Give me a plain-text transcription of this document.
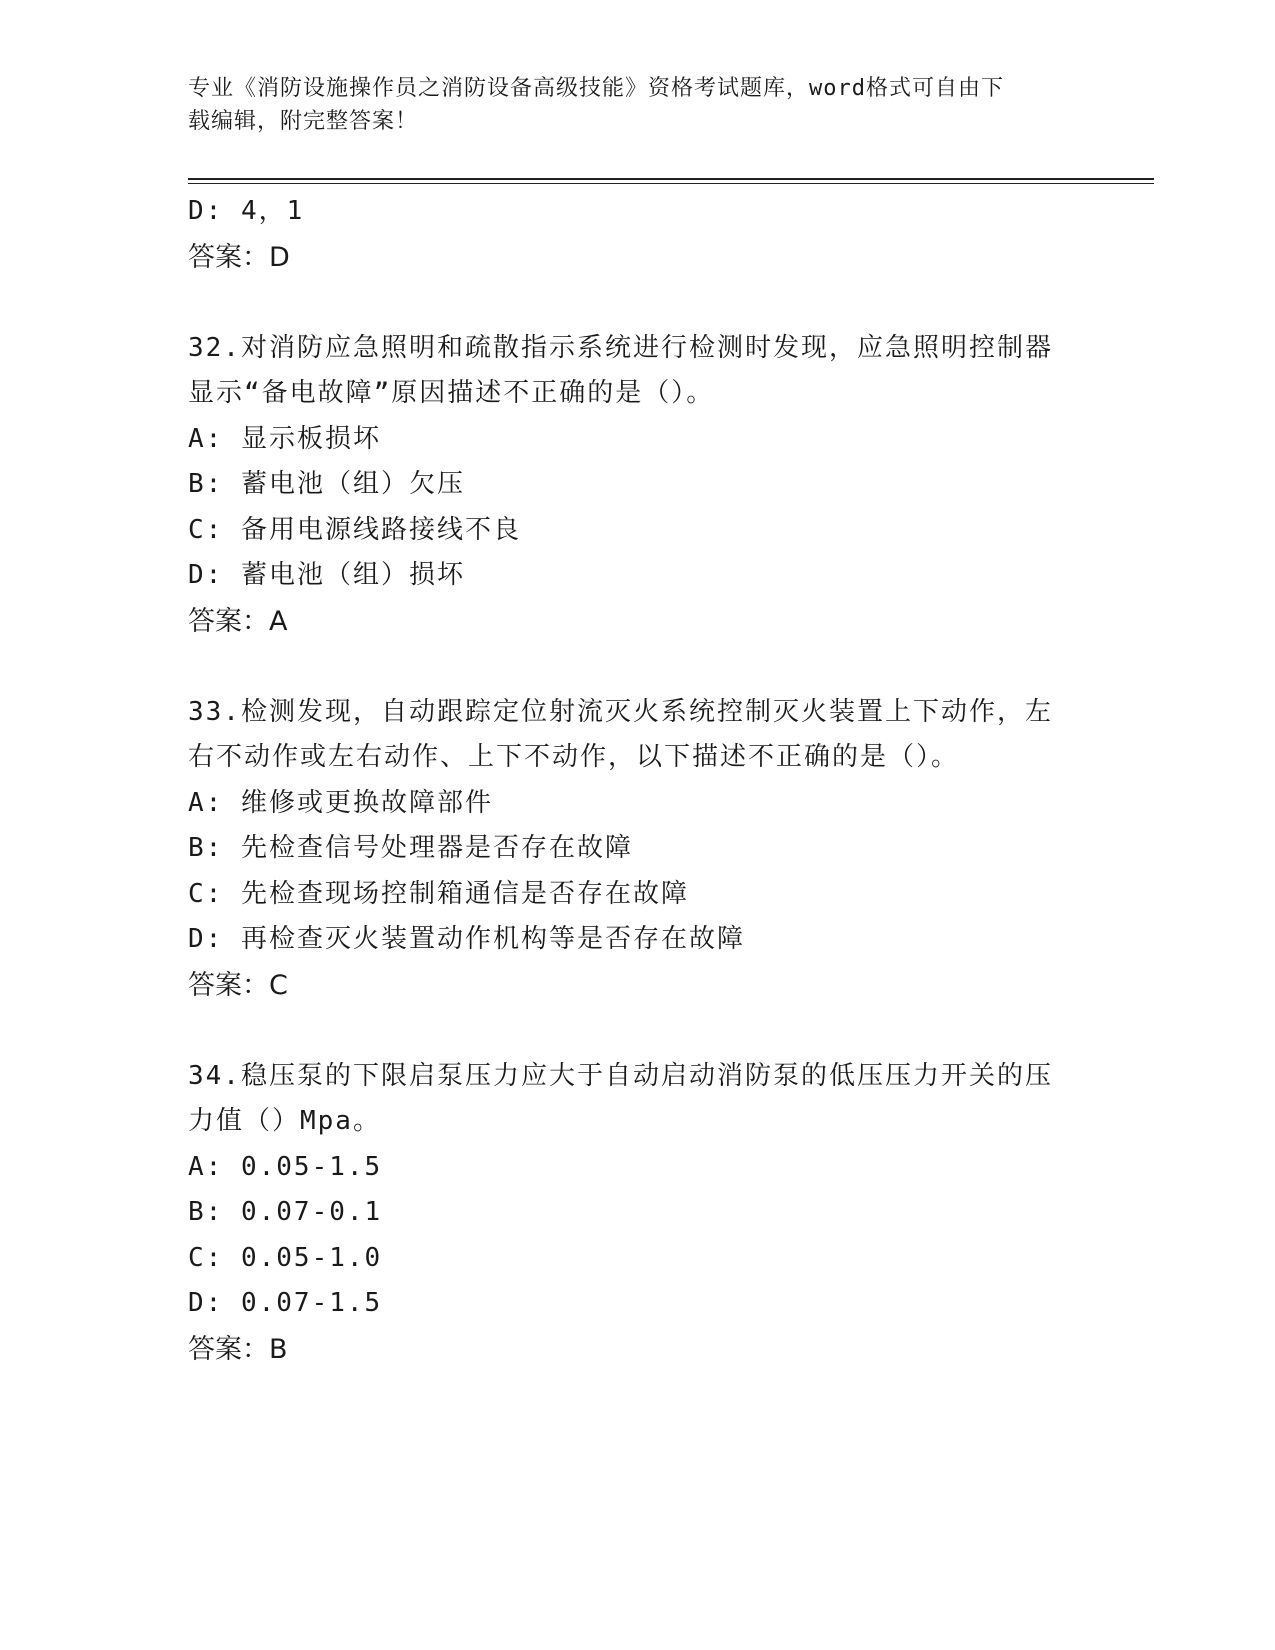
专业《消防设施操作员之消防设备高级技能》资格考试题库，word格式可自由下
载编辑，附完整答案！
D: 4，1
答案：D
32.对消防应急照明和疏散指示系统进行检测时发现，应急照明控制器
显示“备电故障”原因描述不正确的是（）。
A: 显示板损坏
B: 蓄电池（组）欠压
C: 备用电源线路接线不良
D: 蓄电池（组）损坏
答案：A
33.检测发现，自动跟踪定位射流灭火系统控制灭火装置上下动作，左
右不动作或左右动作、上下不动作，以下描述不正确的是（）。
A: 维修或更换故障部件
B: 先检查信号处理器是否存在故障
C: 先检查现场控制箱通信是否存在故障
D: 再检查灭火装置动作机构等是否存在故障
答案：C
34.稳压泵的下限启泵压力应大于自动启动消防泵的低压压力开关的压
力值（）Mpa。
A: 0.05-1.5
B: 0.07-0.1
C: 0.05-1.0
D: 0.07-1.5
答案：B
